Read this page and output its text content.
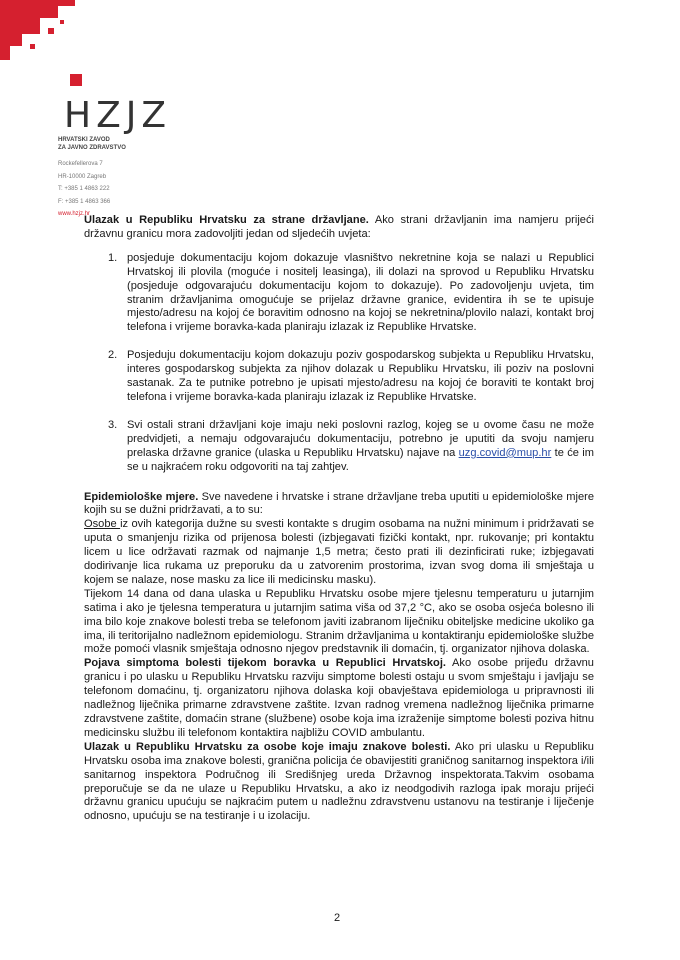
HZJZ
HRVATSKI ZAVOD
ZA JAVNO ZDRAVSTVO
Rockefellerova 7
HR-10000 Zagreb
T: +385 1 4863 222
F: +385 1 4863 366
www.hzjz.hr

Ulazak u Republiku Hrvatsku za strane državljane. Ako strani državljanin ima namjeru prijeći državnu granicu mora zadovoljiti jedan od sljedećih uvjeta:

1. posjeduje dokumentaciju kojom dokazuje vlasništvo nekretnine koja se nalazi u Republici Hrvatskoj ili plovila (moguće i nositelj leasinga), ili dolazi na sprovod u Republiku Hrvatsku (posjeduje odgovarajuću dokumentaciju kojom to dokazuje). Po zadovoljenju uvjeta, tim stranim državljanima omogućuje se prijelaz državne granice, evidentira ih se te upisuje mjesto/adresu na kojoj će boravitim odnosno na kojoj se nekretnina/plovilo nalazi, kontakt broj telefona i vrijeme boravka-kada planiraju izlazak iz Republike Hrvatske.
2. Posjeduju dokumentaciju kojom dokazuju poziv gospodarskog subjekta u Republiku Hrvatsku, interes gospodarskog subjekta za njihov dolazak u Republiku Hrvatsku, ili poziv na poslovni sastanak. Za te putnike potrebno je upisati mjesto/adresu na kojoj će boraviti te kontakt broj telefona i vrijeme boravka-kada planiraju izlazak iz Republike Hrvatske.
3. Svi ostali strani državljani koje imaju neki poslovni razlog, kojeg se u ovome času ne može predvidjeti, a nemaju odgovarajuću dokumentaciju, potrebno je uputiti da svoju namjeru prelaska državne granice (ulaska u Republiku Hrvatsku) najave na uzg.covid@mup.hr te će im se u najkraćem roku odgovoriti na taj zahtjev.

Epidemiološke mjere. Sve navedene i hrvatske i strane državljane treba uputiti u epidemiološke mjere kojih su se dužni pridržavati, a to su:

Osobe iz ovih kategorija dužne su svesti kontakte s drugim osobama na nužni minimum i pridržavati se uputa o smanjenju rizika od prijenosa bolesti (izbjegavati fizički kontakt, npr. rukovanje; pri kontaktu licem u lice održavati razmak od najmanje 1,5 metra; često prati ili dezinficirati ruke; izbjegavati dodirivanje lica rukama uz preporuku da u zatvorenim prostorima, izvan svog doma ili smještaja u kojem se nalaze, nose masku za lice ili medicinsku masku).

Tijekom 14 dana od dana ulaska u Republiku Hrvatsku osobe mjere tjelesnu temperaturu u jutarnjim satima i ako je tjelesna temperatura u jutarnjim satima viša od 37,2 °C, ako se osoba osjeća bolesno ili ima bilo koje znakove bolesti treba se telefonom javiti izabranom liječniku obiteljske medicine ukoliko ga ima, ili teritorijalno nadležnom epidemiologu. Stranim državljanima u kontaktiranju epidemiološke službe može pomoći vlasnik smještaja odnosno njegov predstavnik ili domaćin, tj. organizator njihova dolaska.

Pojava simptoma bolesti tijekom boravka u Republici Hrvatskoj. Ako osobe prijeđu državnu granicu i po ulasku u Republiku Hrvatsku razviju simptome bolesti ostaju u svom smještaju i javljaju se telefonom domaćinu, tj. organizatoru njihova dolaska koji obavještava epidemiologa u pripravnosti ili nadležnog liječnika primarne zdravstvene zaštite. Izvan radnog vremena nadležnog liječnika primarne zdravstvene zaštite, domaćin strane (službene) osobe koja ima izraženije simptome bolesti poziva hitnu medicinsku službu ili telefonom kontaktira najbližu COVID ambulantu.

Ulazak u Republiku Hrvatsku za osobe koje imaju znakove bolesti. Ako pri ulasku u Republiku Hrvatsku osoba ima znakove bolesti, granična policija će obavijestiti graničnog sanitarnog inspektora i/ili sanitarnog inspektora Područnog ili Središnjeg ureda Državnog inspektorata.Takvim osobama preporučuje se da ne ulaze u Republiku Hrvatsku, a ako iz neodgodivih razloga ipak moraju prijeći državnu granicu upućuju se najkraćim putem u nadležnu zdravstvenu ustanovu na testiranje i liječenje odnosno, upućuju se na testiranje i u izolaciju.

2
